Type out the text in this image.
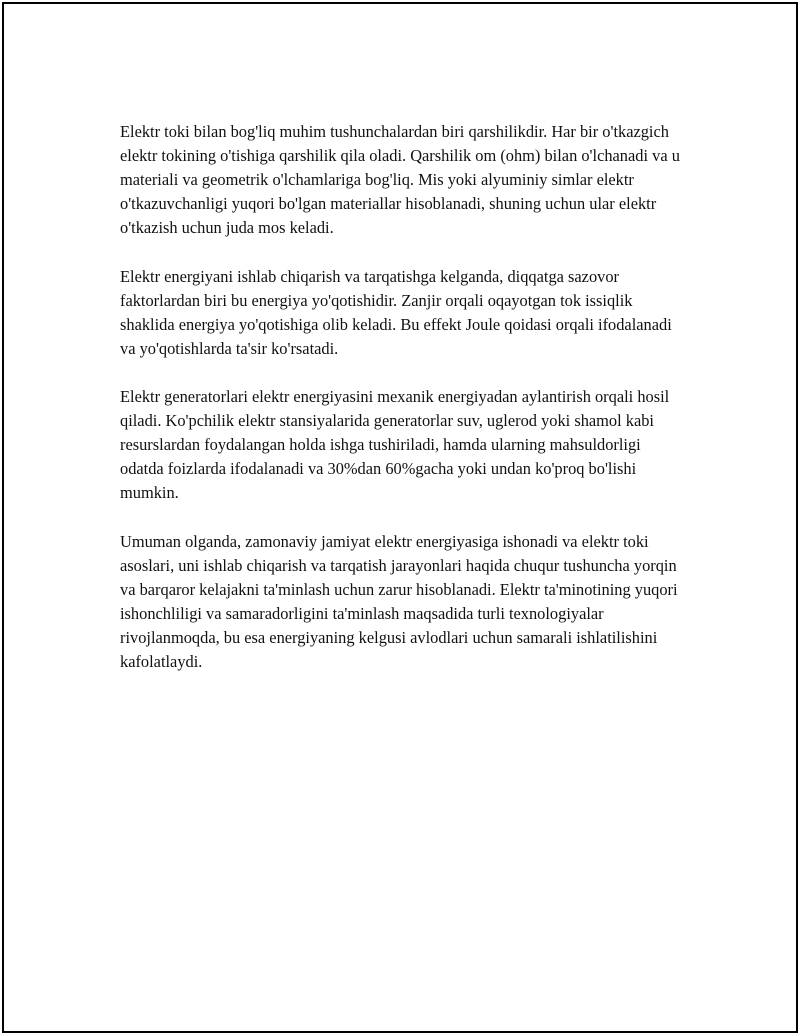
Elektr toki bilan bog'liq muhim tushunchalardan biri qarshilikdir. Har bir o'tkazgich elektr tokining o'tishiga qarshilik qila oladi. Qarshilik om (ohm) bilan o'lchanadi va u materiali va geometrik o'lchamlariga bog'liq. Mis yoki alyuminiy simlar elektr o'tkazuvchanligi yuqori bo'lgan materiallar hisoblanadi, shuning uchun ular elektr o'tkazish uchun juda mos keladi.

Elektr energiyani ishlab chiqarish va tarqatishga kelganda, diqqatga sazovor faktorlardan biri bu energiya yo'qotishidir. Zanjir orqali oqayotgan tok issiqlik shaklida energiya yo'qotishiga olib keladi. Bu effekt Joule qoidasi orqali ifodalanadi va yo'qotishlarda ta'sir ko'rsatadi.

Elektr generatorlari elektr energiyasini mexanik energiyadan aylantirish orqali hosil qiladi. Ko'pchilik elektr stansiyalarida generatorlar suv, uglerod yoki shamol kabi resurslardan foydalangan holda ishga tushiriladi, hamda ularning mahsuldorligi odatda foizlarda ifodalanadi va 30%dan 60%gacha yoki undan ko'proq bo'lishi mumkin.

Umuman olganda, zamonaviy jamiyat elektr energiyasiga ishonadi va elektr toki asoslari, uni ishlab chiqarish va tarqatish jarayonlari haqida chuqur tushuncha yorqin va barqaror kelajakni ta'minlash uchun zarur hisoblanadi. Elektr ta'minotining yuqori ishonchliligi va samaradorligini ta'minlash maqsadida turli texnologiyalar rivojlanmoqda, bu esa energiyaning kelgusi avlodlari uchun samarali ishlatilishini kafolatlaydi.
